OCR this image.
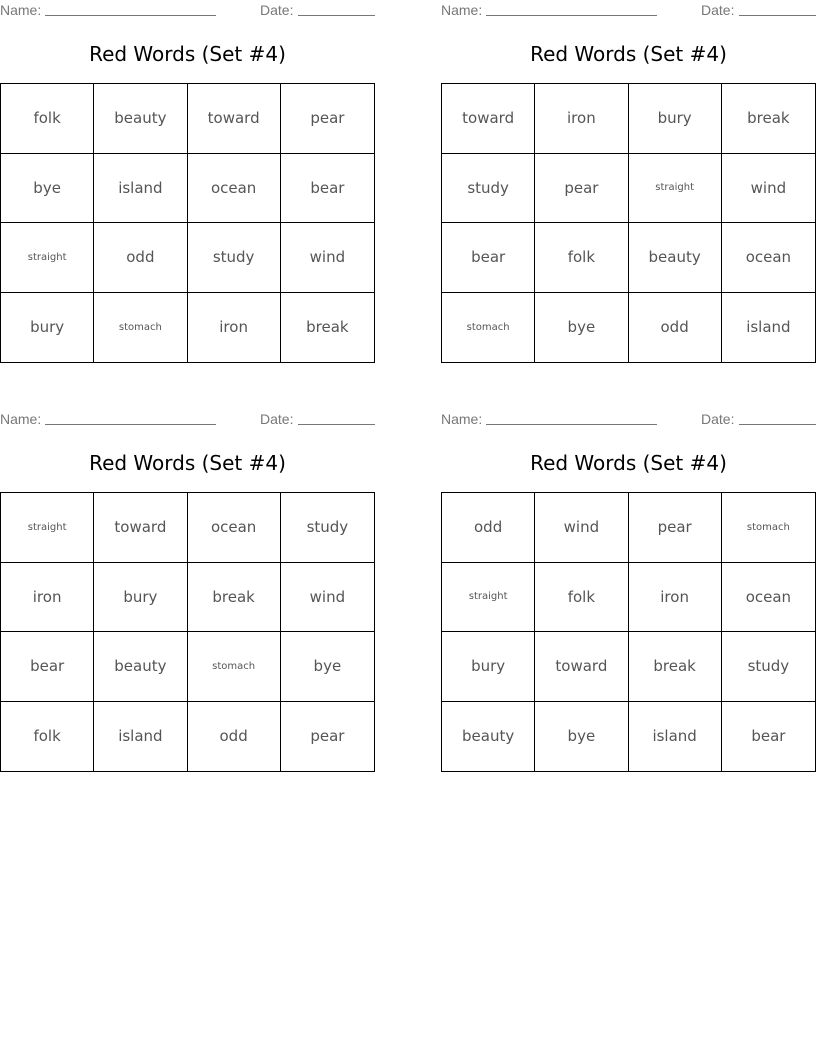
Name:	Date:
Red Words (Set #4)
folk	beauty	toward	pear
bye	island	ocean	bear
straight	odd	study	wind
bury	stomach	iron	break
Name:	Date:
Red Words (Set #4)
toward	iron	bury	break
study	pear	straight	wind
bear	folk	beauty	ocean
stomach	bye	odd	island
Name:	Date:
Red Words (Set #4)
straight	toward	ocean	study
iron	bury	break	wind
bear	beauty	stomach	bye
folk	island	odd	pear
Name:	Date:
Red Words (Set #4)
odd	wind	pear	stomach
straight	folk	iron	ocean
bury	toward	break	study
beauty	bye	island	bear
